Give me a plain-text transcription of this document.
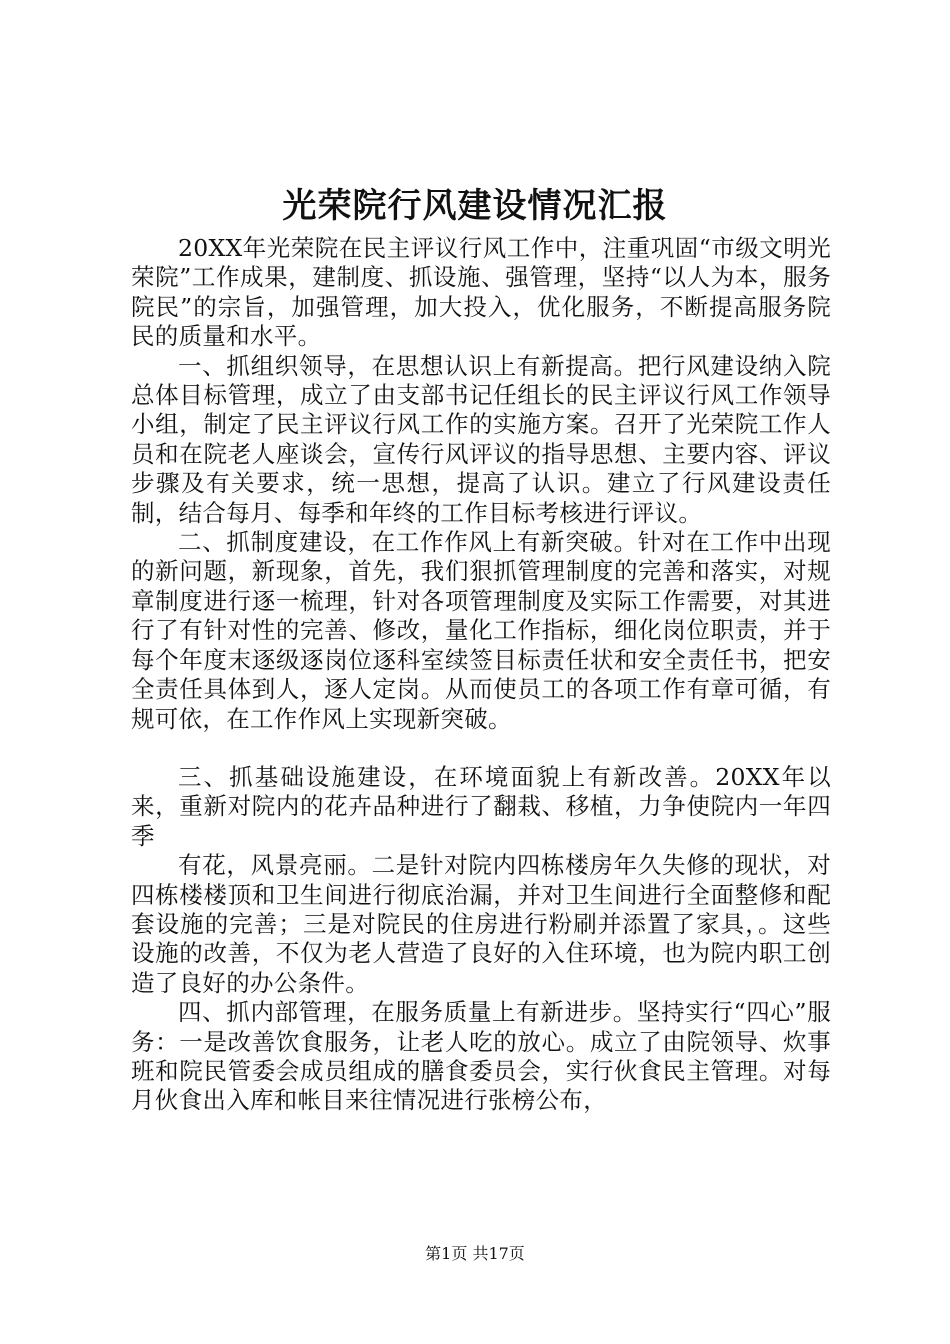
光荣院行风建设情况汇报

20XX年光荣院在民主评议行风工作中，注重巩固“市级文明光荣院”工作成果，建制度、抓设施、强管理，坚持“以人为本，服务院民”的宗旨，加强管理，加大投入，优化服务，不断提高服务院民的质量和水平。

一、抓组织领导，在思想认识上有新提高。把行风建设纳入院总体目标管理，成立了由支部书记任组长的民主评议行风工作领导小组，制定了民主评议行风工作的实施方案。召开了光荣院工作人员和在院老人座谈会，宣传行风评议的指导思想、主要内容、评议步骤及有关要求，统一思想，提高了认识。建立了行风建设责任制，结合每月、每季和年终的工作目标考核进行评议。

二、抓制度建设，在工作作风上有新突破。针对在工作中出现的新问题，新现象，首先，我们狠抓管理制度的完善和落实，对规章制度进行逐一梳理，针对各项管理制度及实际工作需要，对其进行了有针对性的完善、修改，量化工作指标，细化岗位职责，并于每个年度末逐级逐岗位逐科室续签目标责任状和安全责任书，把安全责任具体到人，逐人定岗。从而使员工的各项工作有章可循，有规可依，在工作作风上实现新突破。

三、抓基础设施建设，在环境面貌上有新改善。20XX年以来，重新对院内的花卉品种进行了翻栽、移植，力争使院内一年四季

有花，风景亮丽。二是针对院内四栋楼房年久失修的现状，对四栋楼楼顶和卫生间进行彻底治漏，并对卫生间进行全面整修和配套设施的完善；三是对院民的住房进行粉刷并添置了家具，。这些设施的改善，不仅为老人营造了良好的入住环境，也为院内职工创造了良好的办公条件。

四、抓内部管理，在服务质量上有新进步。坚持实行“四心”服务：一是改善饮食服务，让老人吃的放心。成立了由院领导、炊事班和院民管委会成员组成的膳食委员会，实行伙食民主管理。对每月伙食出入库和帐目来往情况进行张榜公布，

第1页 共17页
